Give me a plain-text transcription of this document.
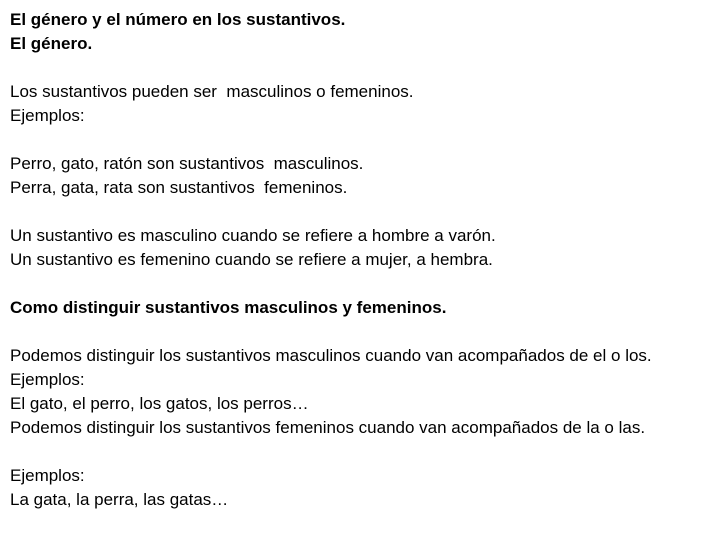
El género y el número en los sustantivos.

El género.

Los sustantivos pueden ser  masculinos o femeninos.

Ejemplos:

Perro, gato, ratón son sustantivos  masculinos.

Perra, gata, rata son sustantivos  femeninos.

Un sustantivo es masculino cuando se refiere a hombre a varón.

Un sustantivo es femenino cuando se refiere a mujer, a hembra.

Como distinguir sustantivos masculinos y femeninos.

Podemos distinguir los sustantivos masculinos cuando van acompañados de el o los.

Ejemplos:

El gato, el perro, los gatos, los perros…

Podemos distinguir los sustantivos femeninos cuando van acompañados de la o las.

Ejemplos:

La gata, la perra, las gatas…
